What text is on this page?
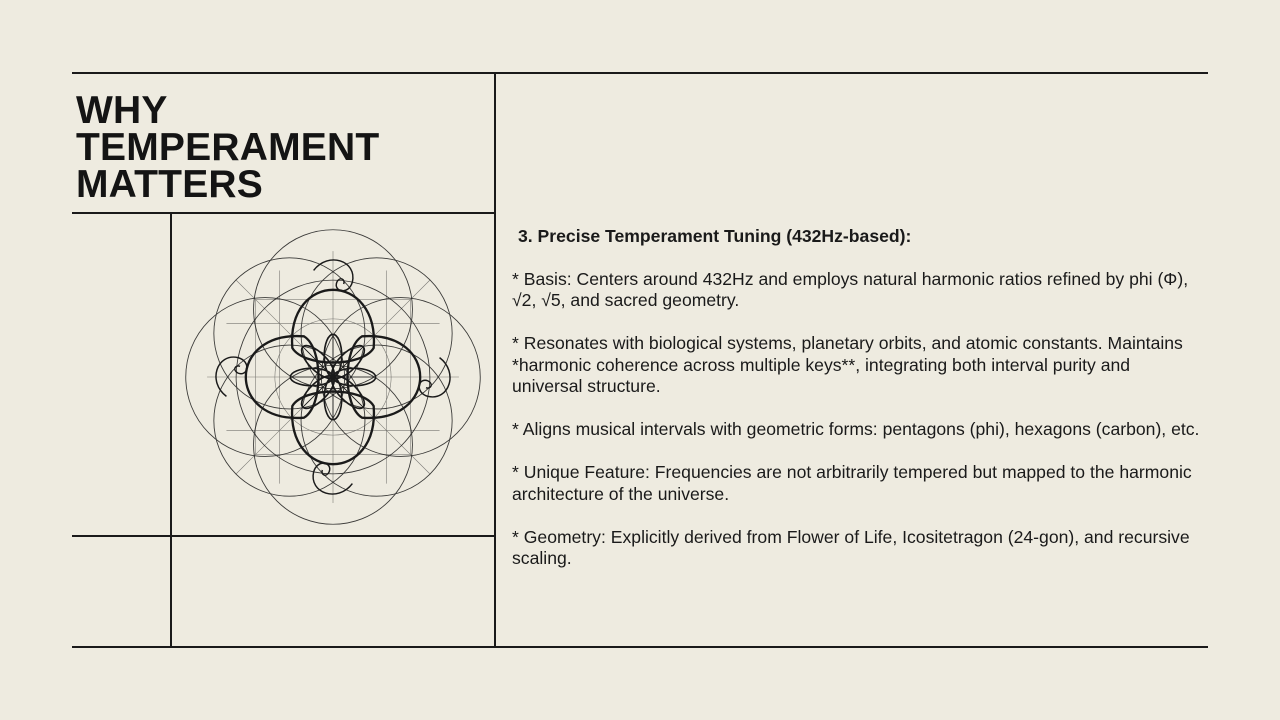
WHY
TEMPERAMENT
MATTERS
3. Precise Temperament Tuning (432Hz-based):

* Basis: Centers around 432Hz and employs natural harmonic ratios refined by phi (Φ), √2, √5, and sacred geometry.

* Resonates with biological systems, planetary orbits, and atomic constants. Maintains *harmonic coherence across multiple keys**, integrating both interval purity and universal structure.

* Aligns musical intervals with geometric forms: pentagons (phi), hexagons (carbon), etc.

* Unique Feature: Frequencies are not arbitrarily tempered but mapped to the harmonic architecture of the universe.

* Geometry: Explicitly derived from Flower of Life, Icositetragon (24-gon), and recursive scaling.
